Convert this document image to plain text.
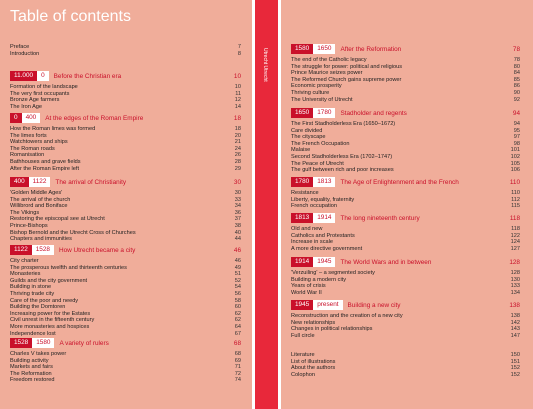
Table of contents
Preface	7
Introduction	8
11.000	0	Before the Christian era	10
Formation of the landscape	10
The very first occupants	11
Bronze Age farmers	12
The Iron Age	14
0	400	At the edges of the Roman Empire	18
How the Roman limes was formed	18
The limes forts	20
Watchtowers and ships	21
The Roman roads	24
Romanisation	26
Bathhouses and grave fields	28
After the Roman Empire left	29
400	1122	The arrival of Christianity	30
'Golden Middle Ages'	30
The arrival of the church	33
Willibrord and Boniface	34
The Vikings	36
Restoring the episcopal see at Utrecht	37
Prince-Bishops	38
Bishop Bernold and the Utrecht Cross of Churches	40
Chapters and immunities	44
1122	1528	How Utrecht became a city	46
City charter	46
The prosperous twelfth and thirteenth centuries	49
Monasteries	51
Guilds and the city government	52
Building in stone	54
Thriving trade city	56
Care of the poor and needy	58
Building the Domtoren	60
Increasing power for the Estates	62
Civil unrest in the fifteenth century	62
More monasteries and hospices	64
Independence lost	67
1528	1580	A variety of rulers	68
Charles V takes power	68
Building activity	69
Markets and fairs	71
The Reformation	72
Freedom restored	74
Utrecht Utrecht	1580	1650	After the Reformation	78
The end of the Catholic legacy	78
The struggle for power: political and religious	80
Prince Maurice seizes power	84
The Reformed Church gains supreme power	85
Economic prosperity	86
Thriving culture	90
The University of Utrecht	92
1650	1780	Stadholder and regents	94
The First Stadholderless Era (1650–1672)	94
Care divided	95
The cityscape	97
The French Occupation	98
Malaise	101
Second Stadholderless Era (1702–1747)	102
The Peace of Utrecht	105
The gulf between rich and poor increases	106
1780	1813	The Age of Enlightenment and the French	110
Resistance	110
Liberty, equality, fraternity	112
French occupation	115
1813	1914	The long nineteenth century	118
Old and new	118
Catholics and Protestants	122
Increase in scale	124
A more directive government	127
1914	1945	The World Wars and in between	128
'Verzuiling' – a segmented society	128
Building a modern city	130
Years of crisis	133
World War II	134
1945	present	Building a new city	138
Reconstruction and the creation of a new city	138
New relationships	142
Changes in political relationships	143
Full circle	147
Literature	150
List of illustrations	151
About the authors	152
Colophon	152
